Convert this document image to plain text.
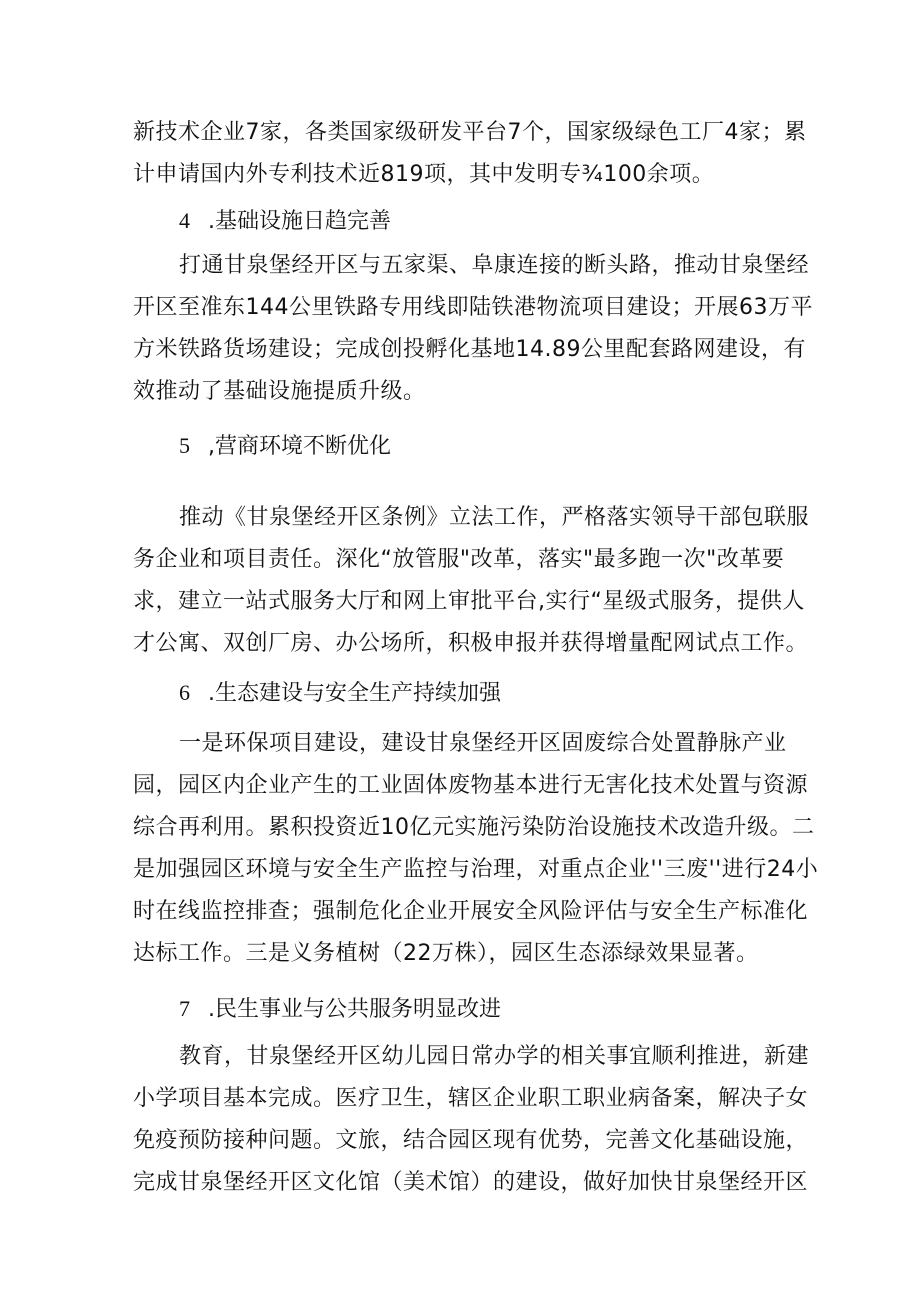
新技术企业7家，各类国家级研发平台7个，国家级绿色工厂4家；累计申请国内外专利技术近819项，其中发明专¾100余项。

4 .基础设施日趋完善

打通甘泉堡经开区与五家渠、阜康连接的断头路，推动甘泉堡经开区至准东144公里铁路专用线即陆铁港物流项目建设；开展63万平方米铁路货场建设；完成创投孵化基地14.89公里配套路网建设，有效推动了基础设施提质升级。

5 ,营商环境不断优化

推动《甘泉堡经开区条例》立法工作，严格落实领导干部包联服务企业和项目责任。深化“放管服"改革，落实"最多跑一次"改革要求，建立一站式服务大厅和网上审批平台,实行“星级式服务，提供人才公寓、双创厂房、办公场所，积极申报并获得增量配网试点工作。

6 .生态建设与安全生产持续加强

一是环保项目建设，建设甘泉堡经开区固废综合处置静脉产业园，园区内企业产生的工业固体废物基本进行无害化技术处置与资源综合再利用。累积投资近10亿元实施污染防治设施技术改造升级。二是加强园区环境与安全生产监控与治理，对重点企业''三废''进行24小时在线监控排查；强制危化企业开展安全风险评估与安全生产标准化达标工作。三是义务植树（22万株），园区生态添绿效果显著。

7 .民生事业与公共服务明显改进

教育，甘泉堡经开区幼儿园日常办学的相关事宜顺利推进，新建小学项目基本完成。医疗卫生，辖区企业职工职业病备案，解决子女免疫预防接种问题。文旅，结合园区现有优势，完善文化基础设施，完成甘泉堡经开区文化馆（美术馆）的建设，做好加快甘泉堡经开区
